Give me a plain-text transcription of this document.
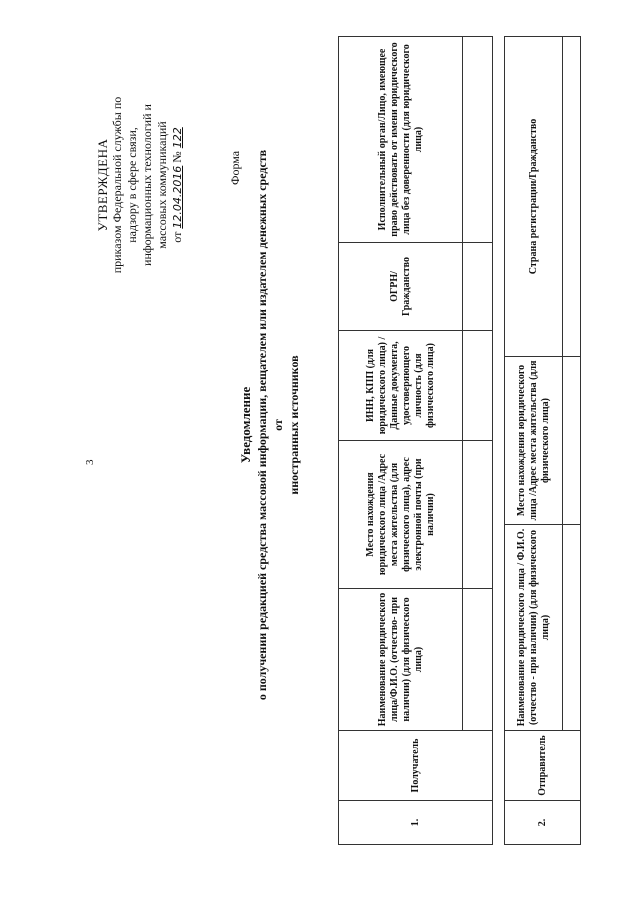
3
УТВЕРЖДЕНА приказом Федеральной службы по надзору в сфере связи, информационных технологий и массовых коммуникаций от 12.04.2016 № 122
Форма
Уведомление о получении редакцией средства массовой информации, вещателем или издателем денежных средств от иностранных источников
1.	Получатель	Наименование юридического лица/Ф.И.О. (отчество- при наличии) (для физического лица)	Место нахождения юридического лица /Адрес места жительства (для физического лица), адрес электронной почты (при наличии)	ИНН, КПП (для юридического лица) / Данные документа, удостоверяющего личность (для физического лица)	ОГРН/ Гражданство	Исполнительный орган/Лицо, имеющее право действовать от имени юридического лица без доверенности (для юридического лица)

2.	Отправитель	Наименование юридического лица / Ф.И.О. (отчество - при наличии) (для физического лица)	Место нахождения юридического лица /Адрес места жительства (для физического лица)	Страна регистрации/Гражданство
